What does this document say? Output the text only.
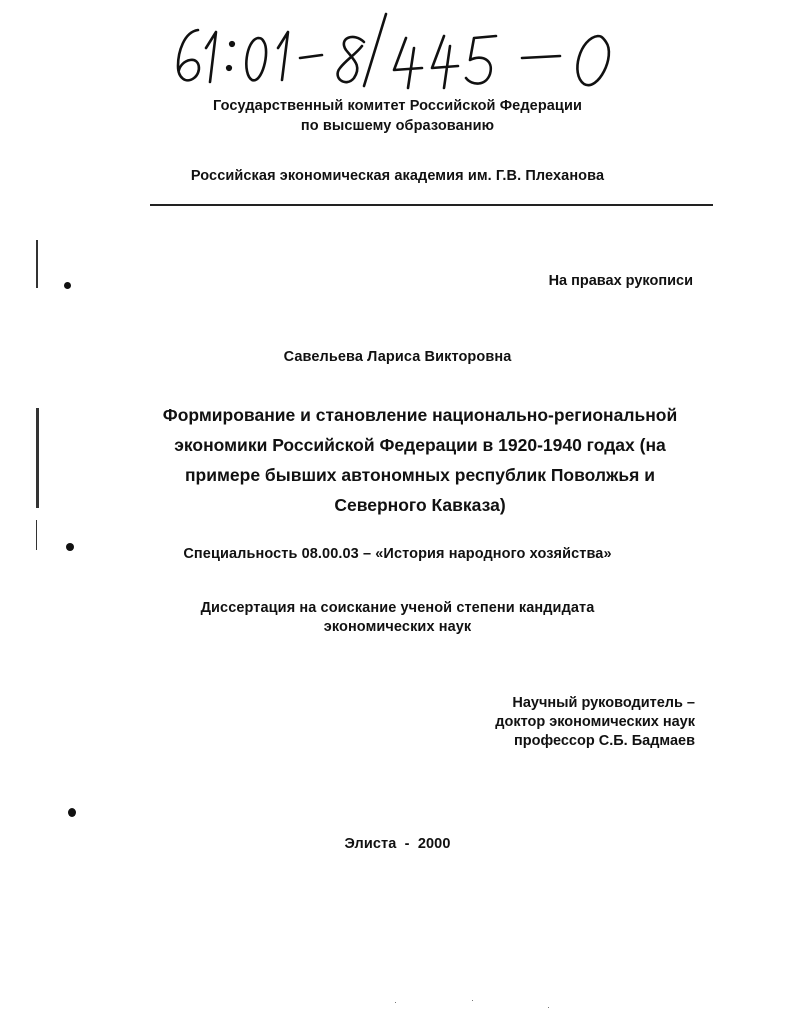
Государственный комитет Российской Федерации
по высшему образованию
Российская экономическая академия им. Г.В. Плеханова
На правах рукописи
Савельева Лариса Викторовна
Формирование и становление национально-региональной
экономики Российской Федерации в 1920-1940 годах (на
примере бывших автономных республик Поволжья и
Северного Кавказа)
Специальность 08.00.03 – «История народного хозяйства»
Диссертация на соискание ученой степени кандидата
экономических наук
Научный руководитель –
доктор экономических наук
профессор С.Б. Бадмаев
Элиста  -  2000
